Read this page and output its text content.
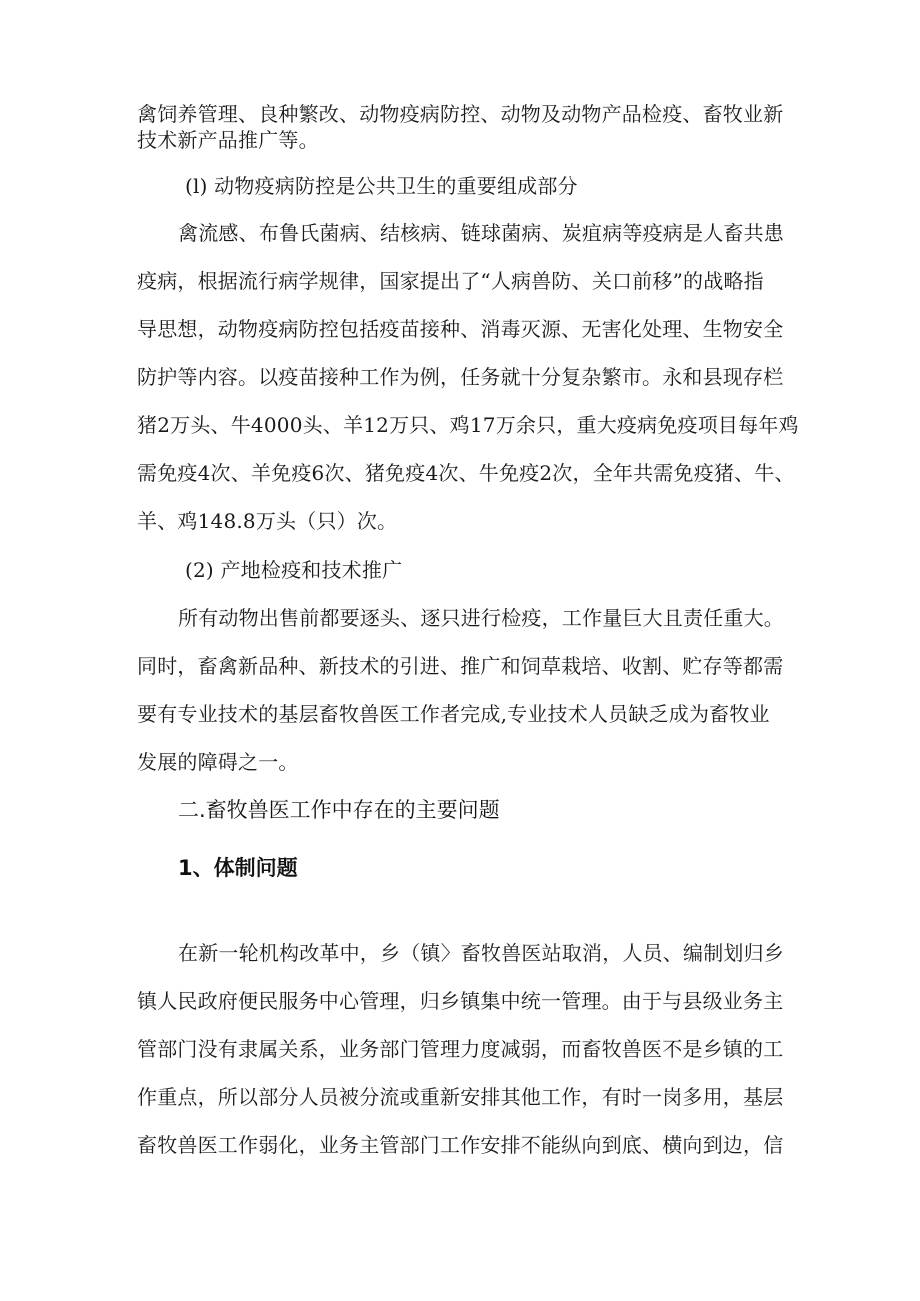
禽饲养管理、良种繁改、动物疫病防控、动物及动物产品检疫、畜牧业新
技术新产品推广等。
(l) 动物疫病防控是公共卫生的重要组成部分
禽流感、布鲁氏菌病、结核病、链球菌病、炭疽病等疫病是人畜共患
疫病，根据流行病学规律，国家提出了“人病兽防、关口前移”的战略指
导思想，动物疫病防控包括疫苗接种、消毒灭源、无害化处理、生物安全
防护等内容。以疫苗接种工作为例，任务就十分复杂繁市。永和县现存栏
猪2万头、牛4000头、羊12万只、鸡17万余只，重大疫病免疫项目每年鸡
需免疫4次、羊免疫6次、猪免疫4次、牛免疫2次，全年共需免疫猪、牛、
羊、鸡148.8万头（只）次。
(2) 产地检疫和技术推广
所有动物出售前都要逐头、逐只进行检疫，工作量巨大且责任重大。
同时，畜禽新品种、新技术的引进、推广和饲草栽培、收割、贮存等都需
要有专业技术的基层畜牧兽医工作者完成,专业技术人员缺乏成为畜牧业
发展的障碍之一。
二.畜牧兽医工作中存在的主要问题
1、体制问题
在新一轮机构改革中，乡（镇〉畜牧兽医站取消，人员、编制划归乡
镇人民政府便民服务中心管理，归乡镇集中统一管理。由于与县级业务主
管部门没有隶属关系，业务部门管理力度减弱，而畜牧兽医不是乡镇的工
作重点，所以部分人员被分流或重新安排其他工作，有时一岗多用，基层
畜牧兽医工作弱化，业务主管部门工作安排不能纵向到底、横向到边，信
